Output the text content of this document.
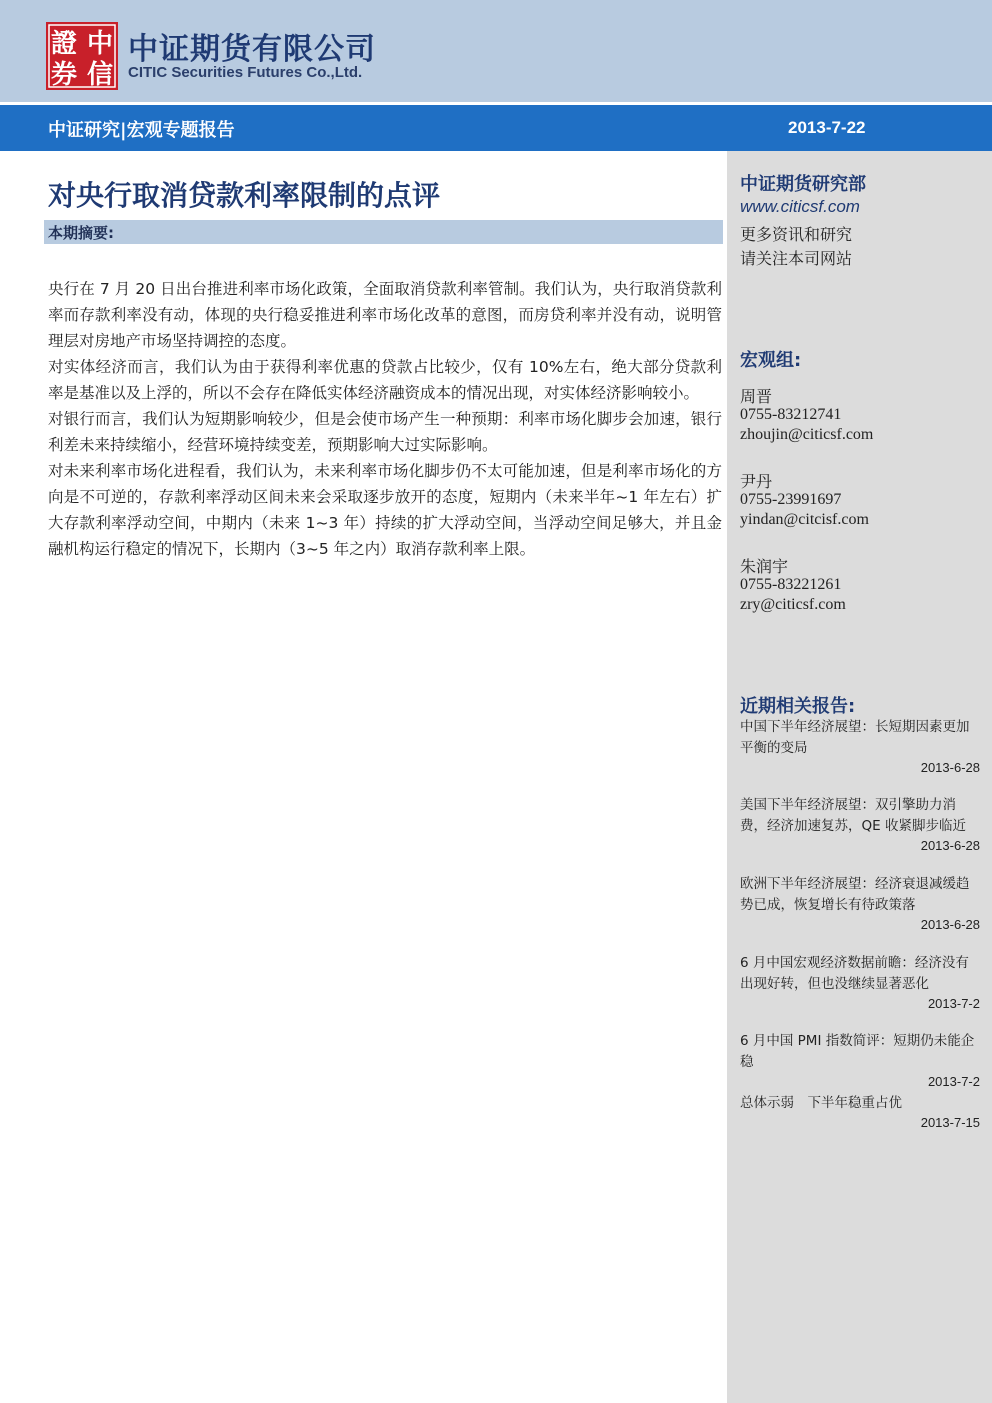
證 中
券 信
中证期货有限公司
CITIC Securities Futures Co.,Ltd.
中证研究|宏观专题报告	2013-7-22
对央行取消贷款利率限制的点评
本期摘要:

央行在 7 月 20 日出台推进利率市场化政策，全面取消贷款利率管制。我们认为，央行取消贷款利率而存款利率没有动，体现的央行稳妥推进利率市场化改革的意图，而房贷利率并没有动，说明管理层对房地产市场坚持调控的态度。

对实体经济而言，我们认为由于获得利率优惠的贷款占比较少，仅有 10%左右，绝大部分贷款利率是基准以及上浮的，所以不会存在降低实体经济融资成本的情况出现，对实体经济影响较小。

对银行而言，我们认为短期影响较少，但是会使市场产生一种预期：利率市场化脚步会加速，银行利差未来持续缩小，经营环境持续变差，预期影响大过实际影响。

对未来利率市场化进程看，我们认为，未来利率市场化脚步仍不太可能加速，但是利率市场化的方向是不可逆的，存款利率浮动区间未来会采取逐步放开的态度，短期内（未来半年~1 年左右）扩大存款利率浮动空间，中期内（未来 1~3 年）持续的扩大浮动空间，当浮动空间足够大，并且金融机构运行稳定的情况下，长期内（3~5 年之内）取消存款利率上限。

中证期货研究部
www.citicsf.com
更多资讯和研究
请关注本司网站
宏观组:
周晋
0755-83212741
zhoujin@citicsf.com
尹丹
0755-23991697
yindan@citcisf.com
朱润宇
0755-83221261
zry@citicsf.com
近期相关报告:
中国下半年经济展望：长短期因素更加平衡的变局
2013-6-28
美国下半年经济展望：双引擎助力消费，经济加速复苏，QE 收紧脚步临近
2013-6-28
欧洲下半年经济展望：经济衰退减缓趋势已成，恢复增长有待政策落
2013-6-28
6 月中国宏观经济数据前瞻：经济没有出现好转，但也没继续显著恶化
2013-7-2
6 月中国 PMI 指数简评：短期仍未能企稳
2013-7-2
总体示弱　下半年稳重占优
2013-7-15
